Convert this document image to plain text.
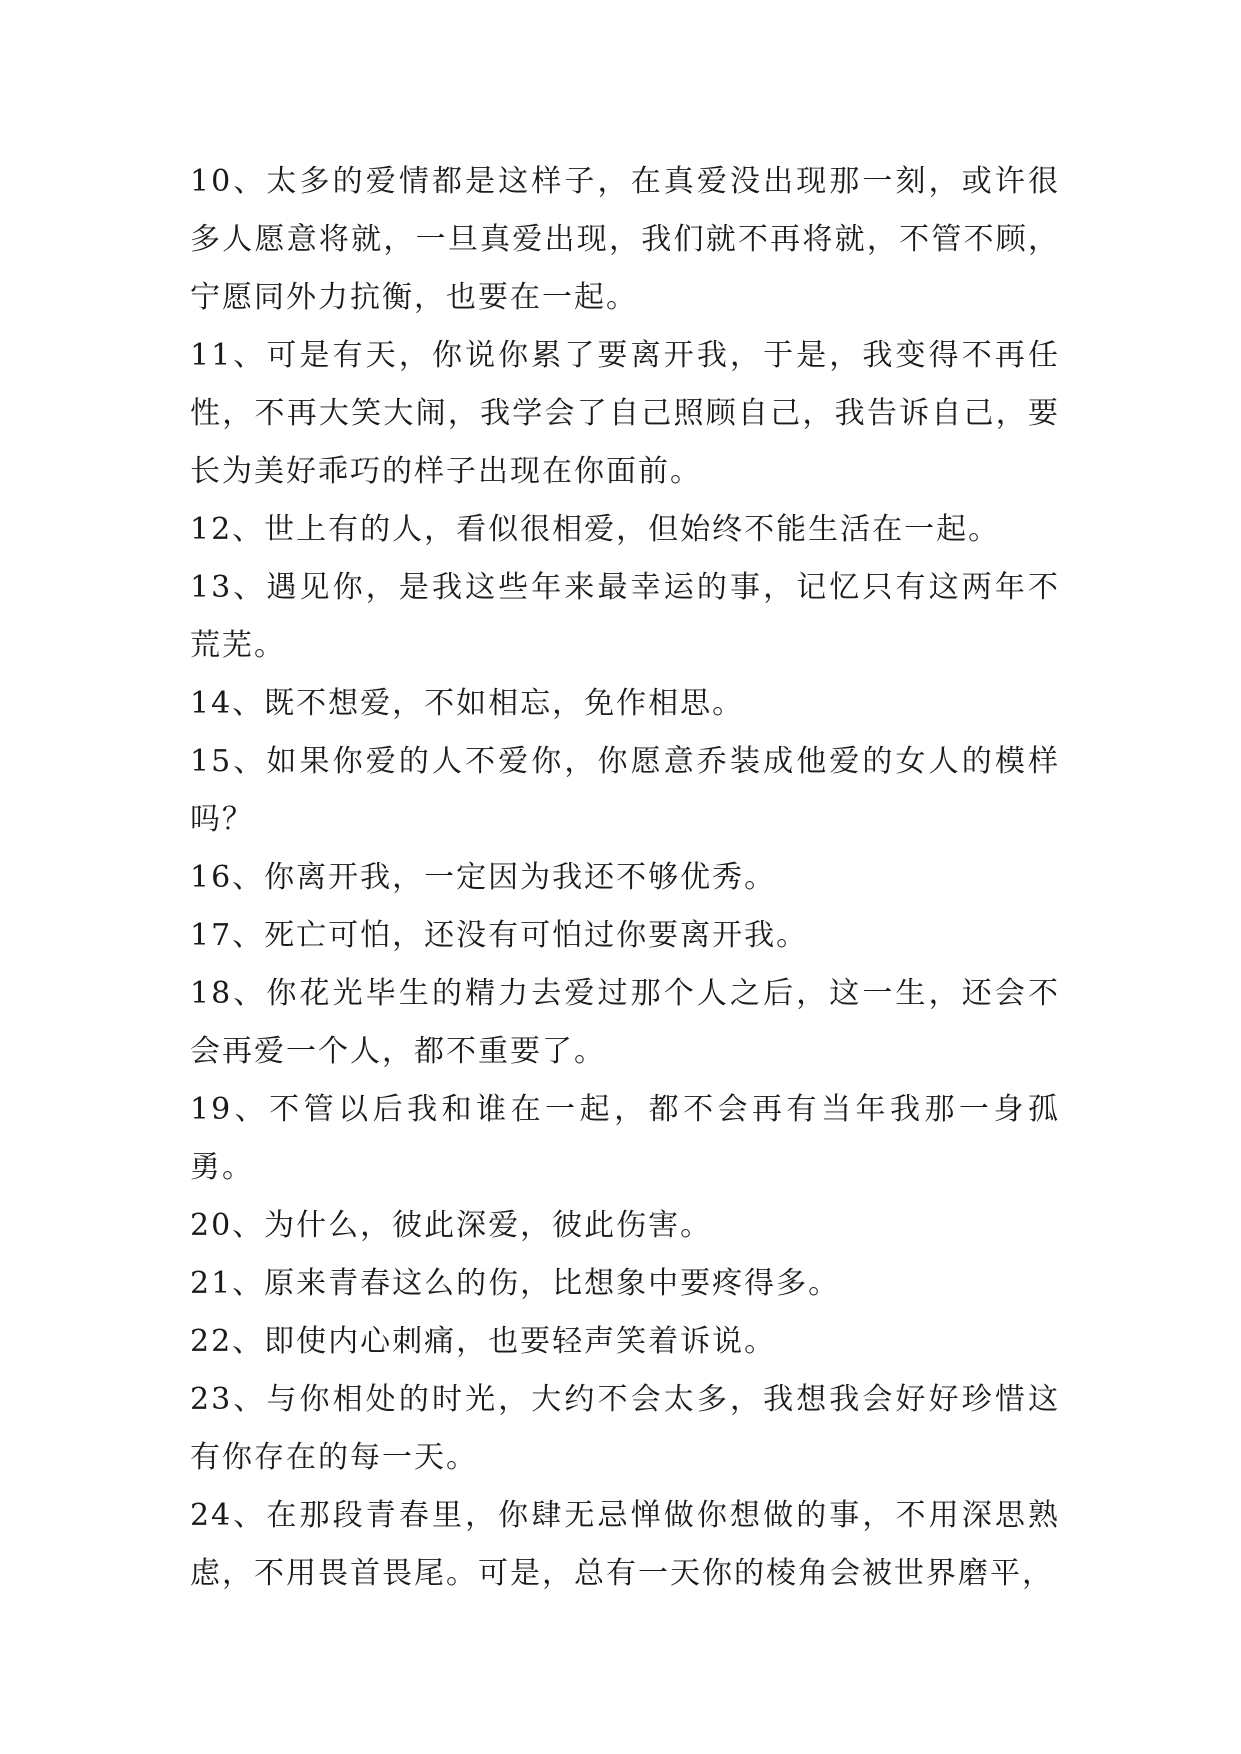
10、太多的爱情都是这样子，在真爱没出现那一刻，或许很多人愿意将就，一旦真爱出现，我们就不再将就，不管不顾，宁愿同外力抗衡，也要在一起。

11、可是有天，你说你累了要离开我，于是，我变得不再任性，不再大笑大闹，我学会了自己照顾自己，我告诉自己，要长为美好乖巧的样子出现在你面前。

12、世上有的人，看似很相爱，但始终不能生活在一起。

13、遇见你，是我这些年来最幸运的事，记忆只有这两年不荒芜。

14、既不想爱，不如相忘，免作相思。

15、如果你爱的人不爱你，你愿意乔装成他爱的女人的模样吗？

16、你离开我，一定因为我还不够优秀。

17、死亡可怕，还没有可怕过你要离开我。

18、你花光毕生的精力去爱过那个人之后，这一生，还会不会再爱一个人，都不重要了。

19、不管以后我和谁在一起，都不会再有当年我那一身孤勇。

20、为什么，彼此深爱，彼此伤害。

21、原来青春这么的伤，比想象中要疼得多。

22、即使内心刺痛，也要轻声笑着诉说。

23、与你相处的时光，大约不会太多，我想我会好好珍惜这有你存在的每一天。

24、在那段青春里，你肆无忌惮做你想做的事，不用深思熟虑，不用畏首畏尾。可是，总有一天你的棱角会被世界磨平，
